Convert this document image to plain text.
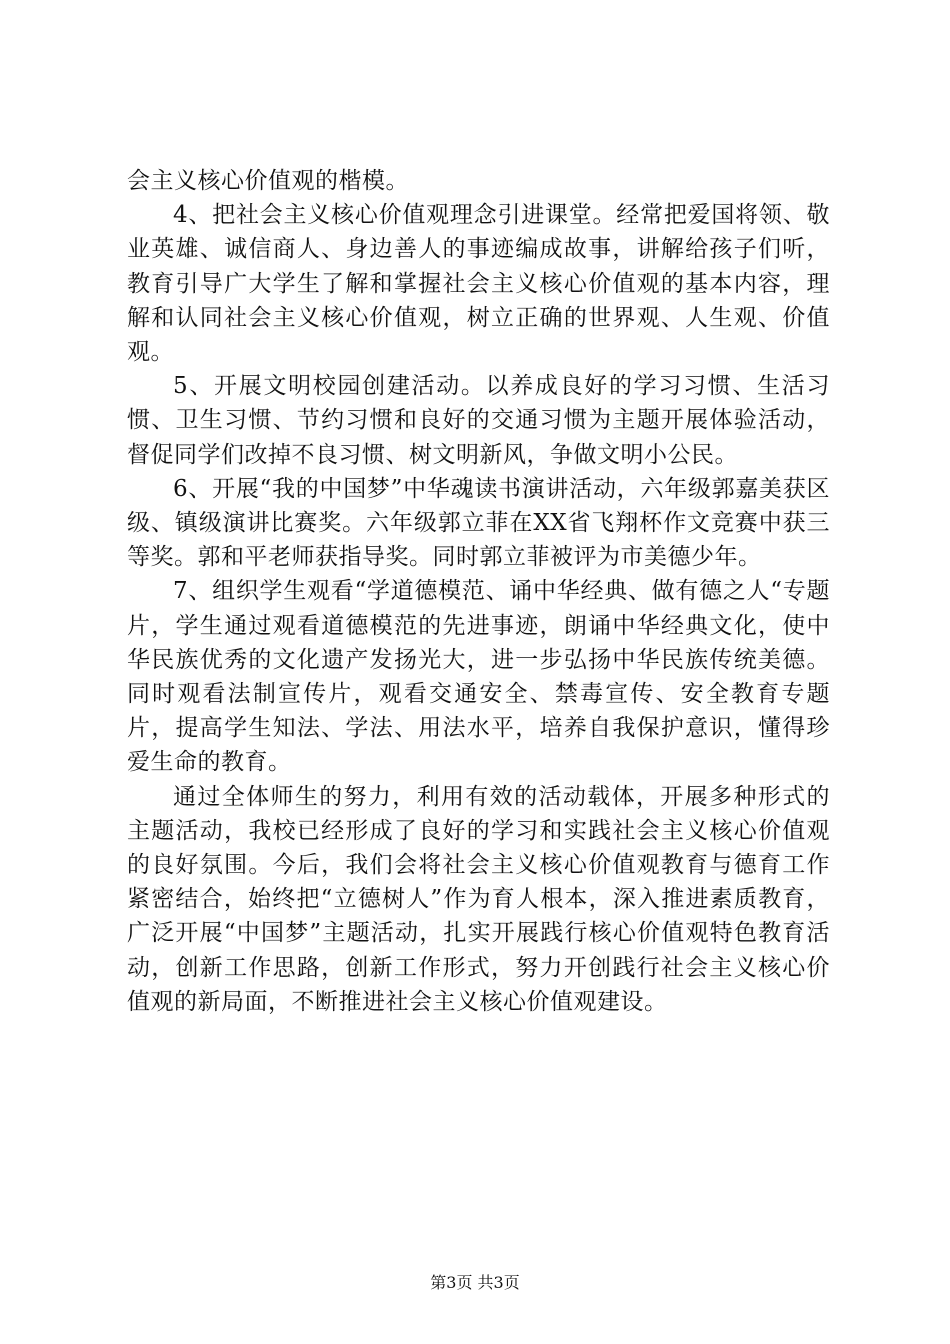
会主义核心价值观的楷模。

4、把社会主义核心价值观理念引进课堂。经常把爱国将领、敬业英雄、诚信商人、身边善人的事迹编成故事，讲解给孩子们听，教育引导广大学生了解和掌握社会主义核心价值观的基本内容，理解和认同社会主义核心价值观，树立正确的世界观、人生观、价值观。

5、开展文明校园创建活动。以养成良好的学习习惯、生活习惯、卫生习惯、节约习惯和良好的交通习惯为主题开展体验活动，督促同学们改掉不良习惯、树文明新风，争做文明小公民。

6、开展“我的中国梦”中华魂读书演讲活动，六年级郭嘉美获区级、镇级演讲比赛奖。六年级郭立菲在XX省飞翔杯作文竞赛中获三等奖。郭和平老师获指导奖。同时郭立菲被评为市美德少年。

7、组织学生观看“学道德模范、诵中华经典、做有德之人“专题片，学生通过观看道德模范的先进事迹，朗诵中华经典文化，使中华民族优秀的文化遗产发扬光大，进一步弘扬中华民族传统美德。同时观看法制宣传片，观看交通安全、禁毒宣传、安全教育专题片，提高学生知法、学法、用法水平，培养自我保护意识，懂得珍爱生命的教育。

通过全体师生的努力，利用有效的活动载体，开展多种形式的主题活动，我校已经形成了良好的学习和实践社会主义核心价值观的良好氛围。今后，我们会将社会主义核心价值观教育与德育工作紧密结合，始终把“立德树人”作为育人根本，深入推进素质教育，广泛开展“中国梦”主题活动，扎实开展践行核心价值观特色教育活动，创新工作思路，创新工作形式，努力开创践行社会主义核心价值观的新局面，不断推进社会主义核心价值观建设。

第3页 共3页
